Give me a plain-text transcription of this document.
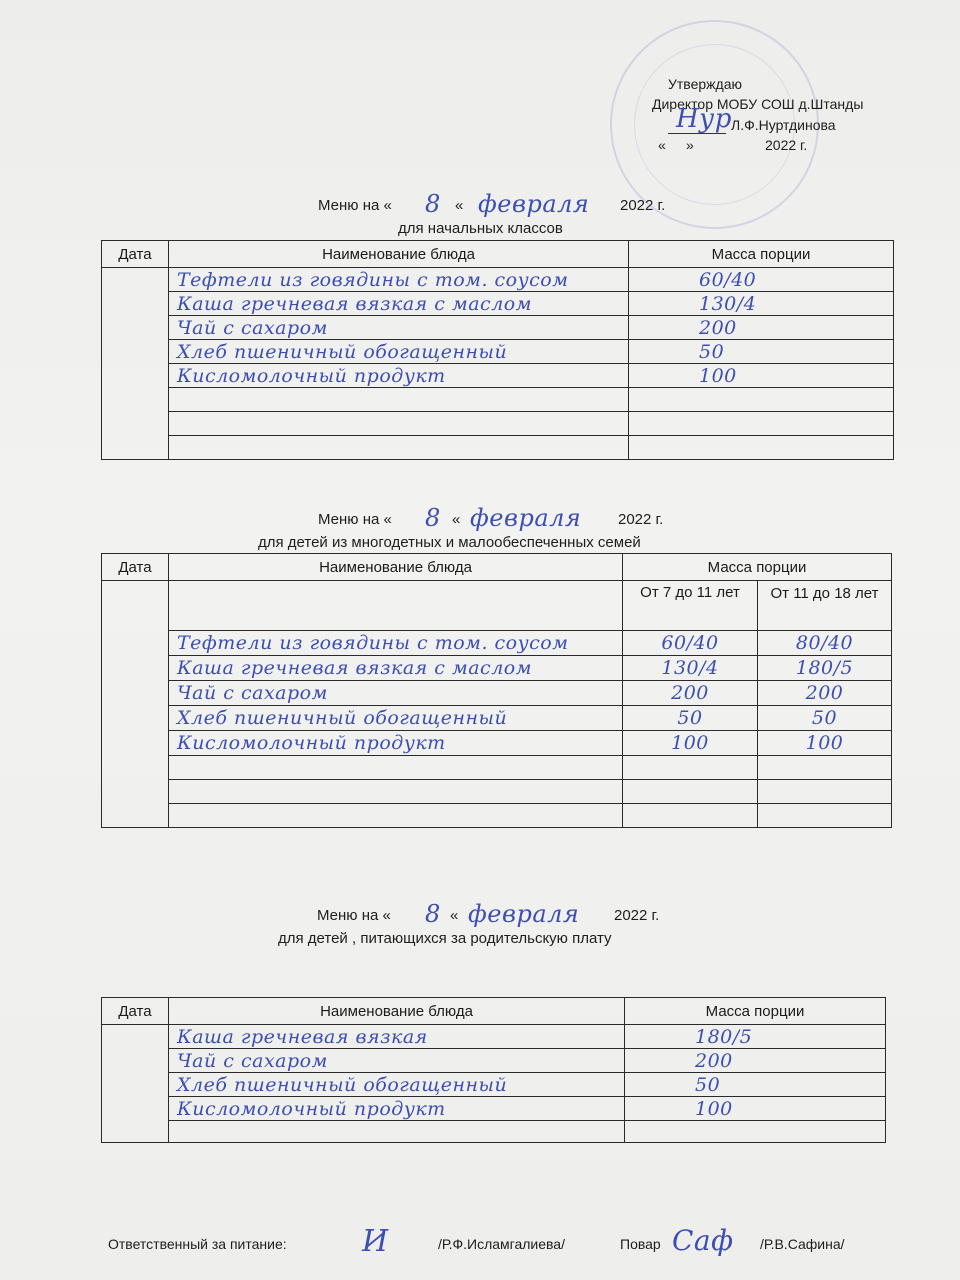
Утверждаю
Директор МОБУ СОШ д.Штанды
Нур Л.Ф.Нуртдинова
« »	2022 г.
Меню на « 8 « февраля 2022 г.
для начальных классов
Дата	Наименование блюда	Масса порции
	Тефтели из говядины с том. соусом	60/40
	Каша гречневая вязкая с маслом	130/4
	Чай с сахаром	200
	Хлеб пшеничный обогащенный	50
	Кисломолочный продукт	100

Меню на « 8 « февраля 2022 г.
для детей из многодетных и малообеспеченных семей
Дата	Наименование блюда	Масса порции	
		От 7 до 11 лет	От 11 до 18 лет
	Тефтели из говядины с том. соусом	60/40	80/40

	Каша гречневая вязкая с маслом	130/4	180/5

	Чай с сахаром	200	200

	Хлеб пшеничный обогащенный	50	50

	Кисломолочный продукт	100	100

Меню на « 8 « февраля 2022 г.
для детей , питающихся за родительскую плату
Дата	Наименование блюда	Масса порции
	Каша гречневая вязкая	180/5
	Чай с сахаром	200
	Хлеб пшеничный обогащенный	50
	Кисломолочный продукт	100

Ответственный за питание:	И	/Р.Ф.Исламгалиева/	Повар Саф /Р.В.Сафина/
